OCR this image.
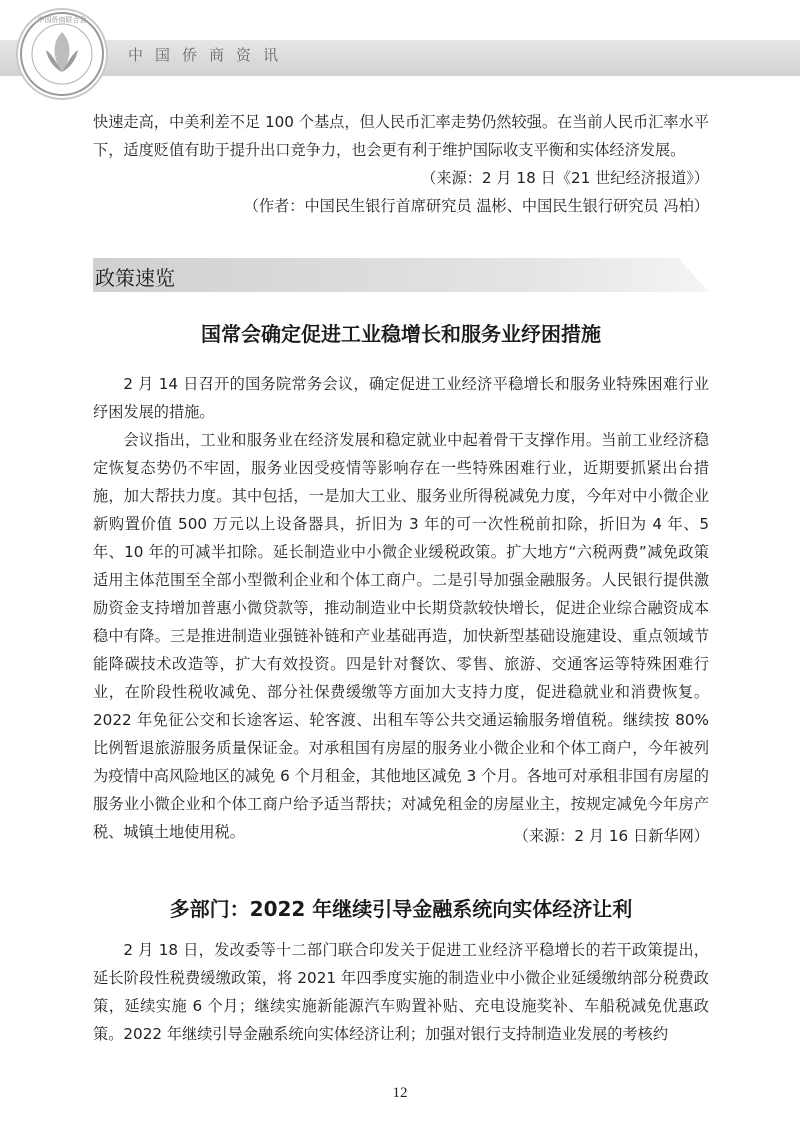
中国侨商联合会
中国侨商资讯

快速走高，中美利差不足 100 个基点，但人民币汇率走势仍然较强。在当前人民币汇率水平下，适度贬值有助于提升出口竞争力，也会更有利于维护国际收支平衡和实体经济发展。

（来源：2 月 18 日《21 世纪经济报道》）

（作者：中国民生银行首席研究员 温彬、中国民生银行研究员 冯柏）

政策速览
国常会确定促进工业稳增长和服务业纾困措施

2 月 14 日召开的国务院常务会议，确定促进工业经济平稳增长和服务业特殊困难行业纾困发展的措施。

会议指出，工业和服务业在经济发展和稳定就业中起着骨干支撑作用。当前工业经济稳定恢复态势仍不牢固，服务业因受疫情等影响存在一些特殊困难行业，近期要抓紧出台措施，加大帮扶力度。其中包括，一是加大工业、服务业所得税减免力度，今年对中小微企业新购置价值 500 万元以上设备器具，折旧为 3 年的可一次性税前扣除，折旧为 4 年、5 年、10 年的可减半扣除。延长制造业中小微企业缓税政策。扩大地方“六税两费”减免政策适用主体范围至全部小型微利企业和个体工商户。二是引导加强金融服务。人民银行提供激励资金支持增加普惠小微贷款等，推动制造业中长期贷款较快增长，促进企业综合融资成本稳中有降。三是推进制造业强链补链和产业基础再造，加快新型基础设施建设、重点领域节能降碳技术改造等，扩大有效投资。四是针对餐饮、零售、旅游、交通客运等特殊困难行业，在阶段性税收减免、部分社保费缓缴等方面加大支持力度，促进稳就业和消费恢复。2022 年免征公交和长途客运、轮客渡、出租车等公共交通运输服务增值税。继续按 80% 比例暂退旅游服务质量保证金。对承租国有房屋的服务业小微企业和个体工商户，今年被列为疫情中高风险地区的减免 6 个月租金，其他地区减免 3 个月。各地可对承租非国有房屋的服务业小微企业和个体工商户给予适当帮扶；对减免租金的房屋业主，按规定减免今年房产税、城镇土地使用税。	（来源：2 月 16 日新华网）

多部门：2022 年继续引导金融系统向实体经济让利

2 月 18 日，发改委等十二部门联合印发关于促进工业经济平稳增长的若干政策提出，延长阶段性税费缓缴政策，将 2021 年四季度实施的制造业中小微企业延缓缴纳部分税费政策，延续实施 6 个月；继续实施新能源汽车购置补贴、充电设施奖补、车船税减免优惠政策。2022 年继续引导金融系统向实体经济让利；加强对银行支持制造业发展的考核约

12
